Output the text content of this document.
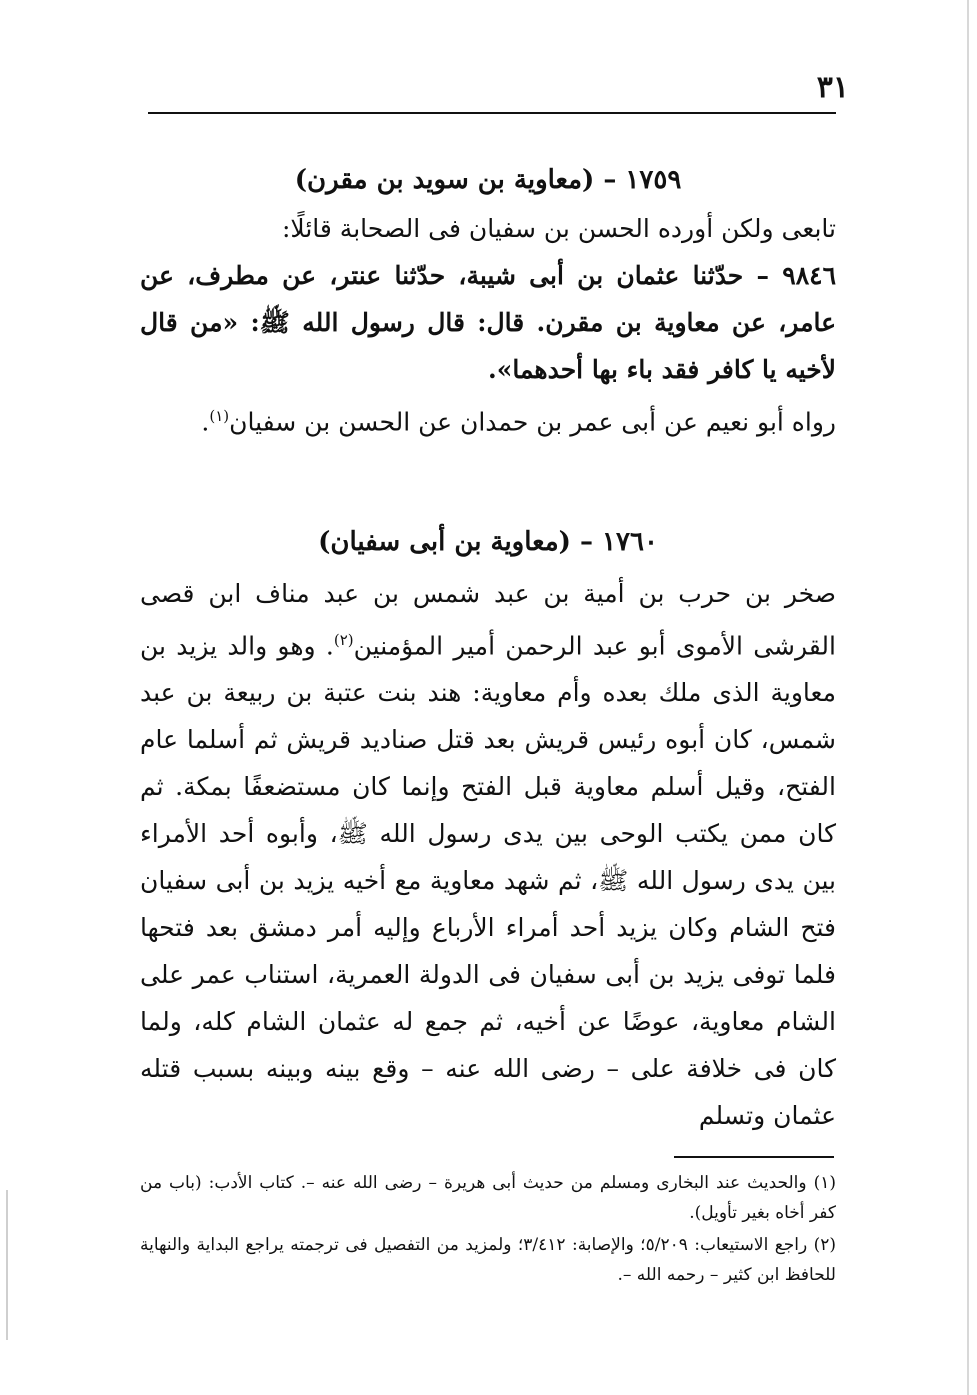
٣١
١٧٥٩ – (معاوية بن سويد بن مقرن)

تابعى ولكن أورده الحسن بن سفيان فى الصحابة قائلًا:

٩٨٤٦ – حدّثنا عثمان بن أبى شيبة، حدّثنا عنتر، عن مطرف، عن عامر، عن معاوية بن مقرن. قال: قال رسول الله ﷺ: «من قال لأخيه يا كافر فقد باء بها أحدهما».

رواه أبو نعيم عن أبى عمر بن حمدان عن الحسن بن سفيان$^{(١)}$.

١٧٦٠ – (معاوية بن أبى سفيان)

صخر بن حرب بن أمية بن عبد شمس بن عبد مناف ابن قصى القرشى الأموى أبو عبد الرحمن أمير المؤمنين$^{(٢)}$. وهو والد يزيد بن معاوية الذى ملك بعده وأم معاوية: هند بنت عتبة بن ربيعة بن عبد شمس، كان أبوه رئيس قريش بعد قتل صناديد قريش ثم أسلما عام الفتح، وقيل أسلم معاوية قبل الفتح وإنما كان مستضعفًا بمكة. ثم كان ممن يكتب الوحى بين يدى رسول الله ﷺ، وأبوه أحد الأمراء بين يدى رسول الله ﷺ، ثم شهد معاوية مع أخيه يزيد بن أبى سفيان فتح الشام وكان يزيد أحد أمراء الأرباع وإليه أمر دمشق بعد فتحها فلما توفى يزيد بن أبى سفيان فى الدولة العمرية، استناب عمر على الشام معاوية، عوضًا عن أخيه، ثم جمع له عثمان الشام كله، ولما كان فى خلافة على – رضى الله عنه – وقع بينه وبينه بسبب قتله عثمان وتسلم

(١) والحديث عند البخارى ومسلم من حديث أبى هريرة – رضى الله عنه –. كتاب الأدب: (باب من كفر أخاه بغير تأويل).

(٢) راجع الاستيعاب: ٥/٢٠٩؛ والإصابة: ٣/٤١٢؛ ولمزيد من التفصيل فى ترجمته يراجع البداية والنهاية للحافظ ابن كثير – رحمه الله –.
